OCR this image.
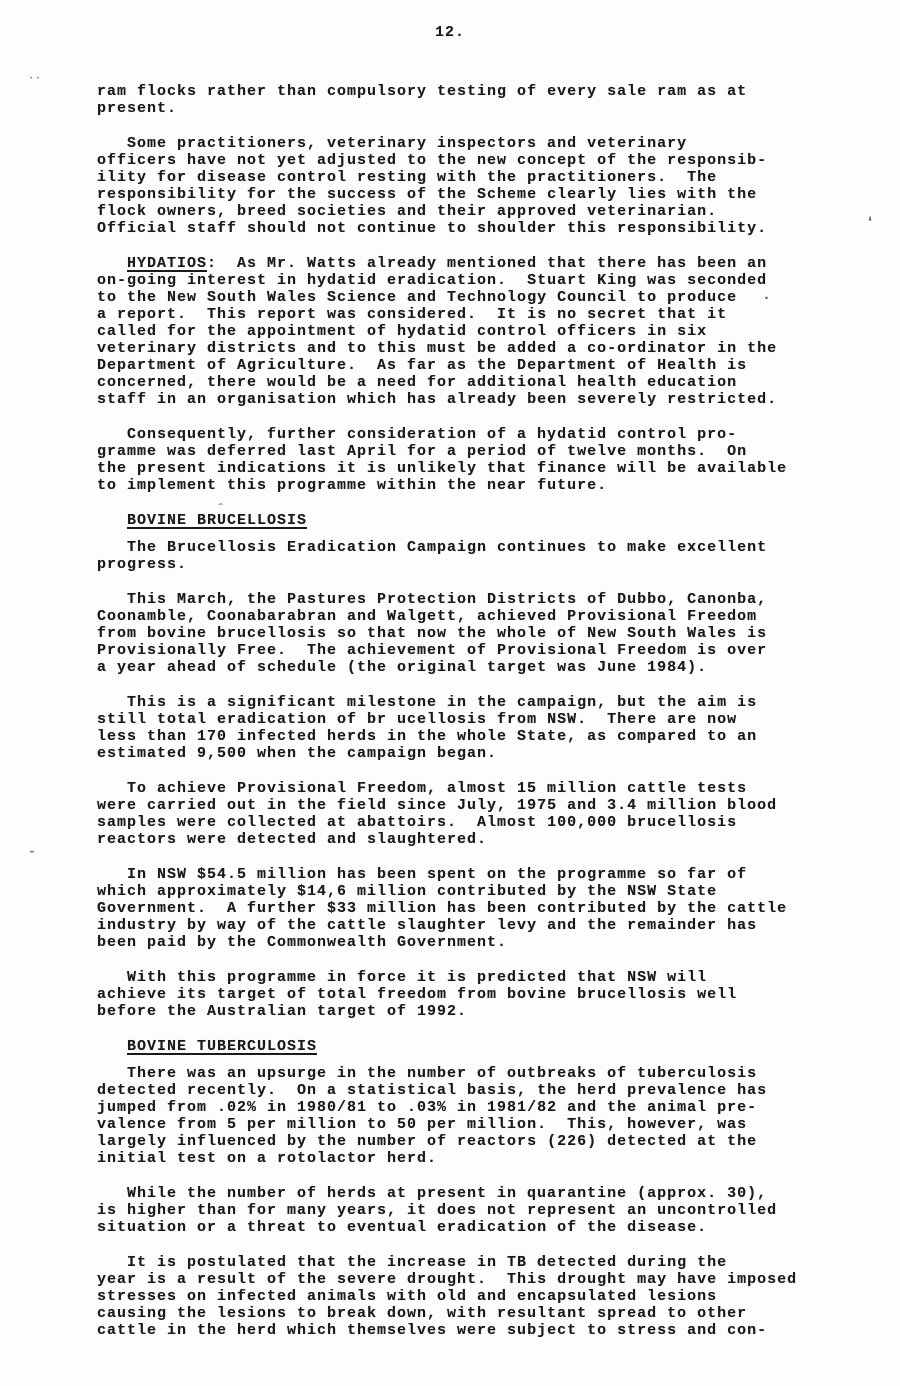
12.
ram flocks rather than compulsory testing of every sale ram as at
present.
Some practitioners, veterinary inspectors and veterinary
officers have not yet adjusted to the new concept of the responsib-
ility for disease control resting with the practitioners.  The
responsibility for the success of the Scheme clearly lies with the
flock owners, breed societies and their approved veterinarian.
Official staff should not continue to shoulder this responsibility.
HYDATIOS:  As Mr. Watts already mentioned that there has been an
on-going interest in hydatid eradication.  Stuart King was seconded
to the New South Wales Science and Technology Council to produce
a report.  This report was considered.  It is no secret that it
called for the appointment of hydatid control officers in six
veterinary districts and to this must be added a co-ordinator in the
Department of Agriculture.  As far as the Department of Health is
concerned, there would be a need for additional health education
staff in an organisation which has already been severely restricted.
Consequently, further consideration of a hydatid control pro-
gramme was deferred last April for a period of twelve months.  On
the present indications it is unlikely that finance will be available
to implement this programme within the near future.
BOVINE BRUCELLOSIS
The Brucellosis Eradication Campaign continues to make excellent
progress.
This March, the Pastures Protection Districts of Dubbo, Canonba,
Coonamble, Coonabarabran and Walgett, achieved Provisional Freedom
from bovine brucellosis so that now the whole of New South Wales is
Provisionally Free.  The achievement of Provisional Freedom is over
a year ahead of schedule (the original target was June 1984).
This is a significant milestone in the campaign, but the aim is
still total eradication of br ucellosis from NSW.  There are now
less than 170 infected herds in the whole State, as compared to an
estimated 9,500 when the campaign began.
To achieve Provisional Freedom, almost 15 million cattle tests
were carried out in the field since July, 1975 and 3.4 million blood
samples were collected at abattoirs.  Almost 100,000 brucellosis
reactors were detected and slaughtered.
In NSW $54.5 million has been spent on the programme so far of
which approximately $14,6 million contributed by the NSW State
Government.  A further $33 million has been contributed by the cattle
industry by way of the cattle slaughter levy and the remainder has
been paid by the Commonwealth Government.
With this programme in force it is predicted that NSW will
achieve its target of total freedom from bovine brucellosis well
before the Australian target of 1992.
BOVINE TUBERCULOSIS
There was an upsurge in the number of outbreaks of tuberculosis
detected recently.  On a statistical basis, the herd prevalence has
jumped from .02% in 1980/81 to .03% in 1981/82 and the animal pre-
valence from 5 per million to 50 per million.  This, however, was
largely influenced by the number of reactors (226) detected at the
initial test on a rotolactor herd.
While the number of herds at present in quarantine (approx. 30),
is higher than for many years, it does not represent an uncontrolled
situation or a threat to eventual eradication of the disease.
It is postulated that the increase in TB detected during the
year is a result of the severe drought.  This drought may have imposed
stresses on infected animals with old and encapsulated lesions
causing the lesions to break down, with resultant spread to other
cattle in the herd which themselves were subject to stress and con-
··
ʻ
.
ˆ
-
